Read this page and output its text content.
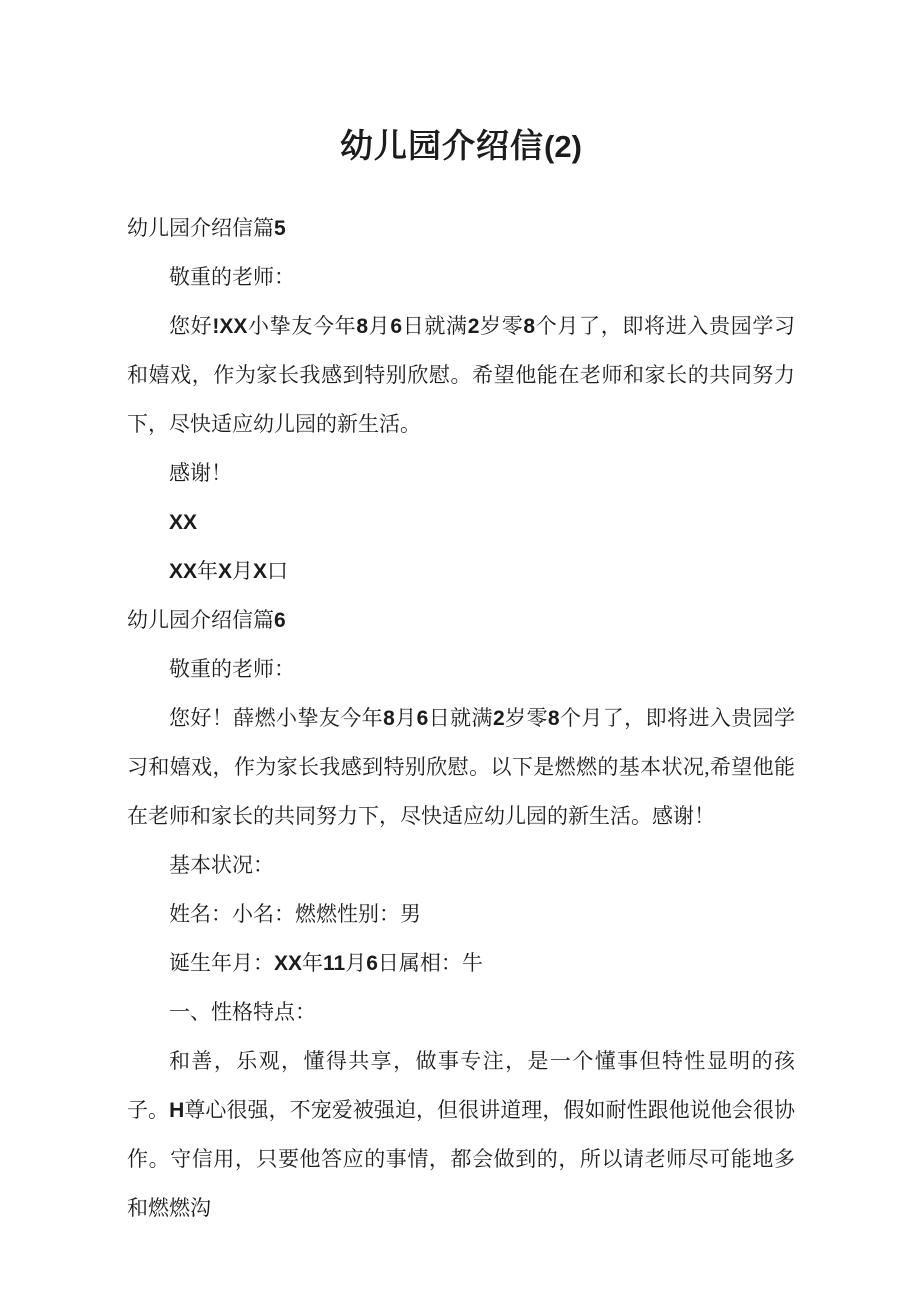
幼儿园介绍信(2)
幼儿园介绍信篇5
敬重的老师：
您好!XX小挚友今年8月6日就满2岁零8个月了，即将进入贵园学习和嬉戏，作为家长我感到特别欣慰。希望他能在老师和家长的共同努力下，尽快适应幼儿园的新生活。
感谢！
XX
XX年X月X口
幼儿园介绍信篇6
敬重的老师：
您好！薛燃小挚友今年8月6日就满2岁零8个月了，即将进入贵园学习和嬉戏，作为家长我感到特别欣慰。以下是燃燃的基本状况,希望他能在老师和家长的共同努力下，尽快适应幼儿园的新生活。感谢！
基本状况：
姓名：小名：燃燃性别：男
诞生年月：XX年11月6日属相：牛
一、性格特点：
和善，乐观，懂得共享，做事专注，是一个懂事但特性显明的孩子。H尊心很强，不宠爱被强迫，但很讲道理，假如耐性跟他说他会很协作。守信用，只要他答应的事情，都会做到的，所以请老师尽可能地多和燃燃沟
